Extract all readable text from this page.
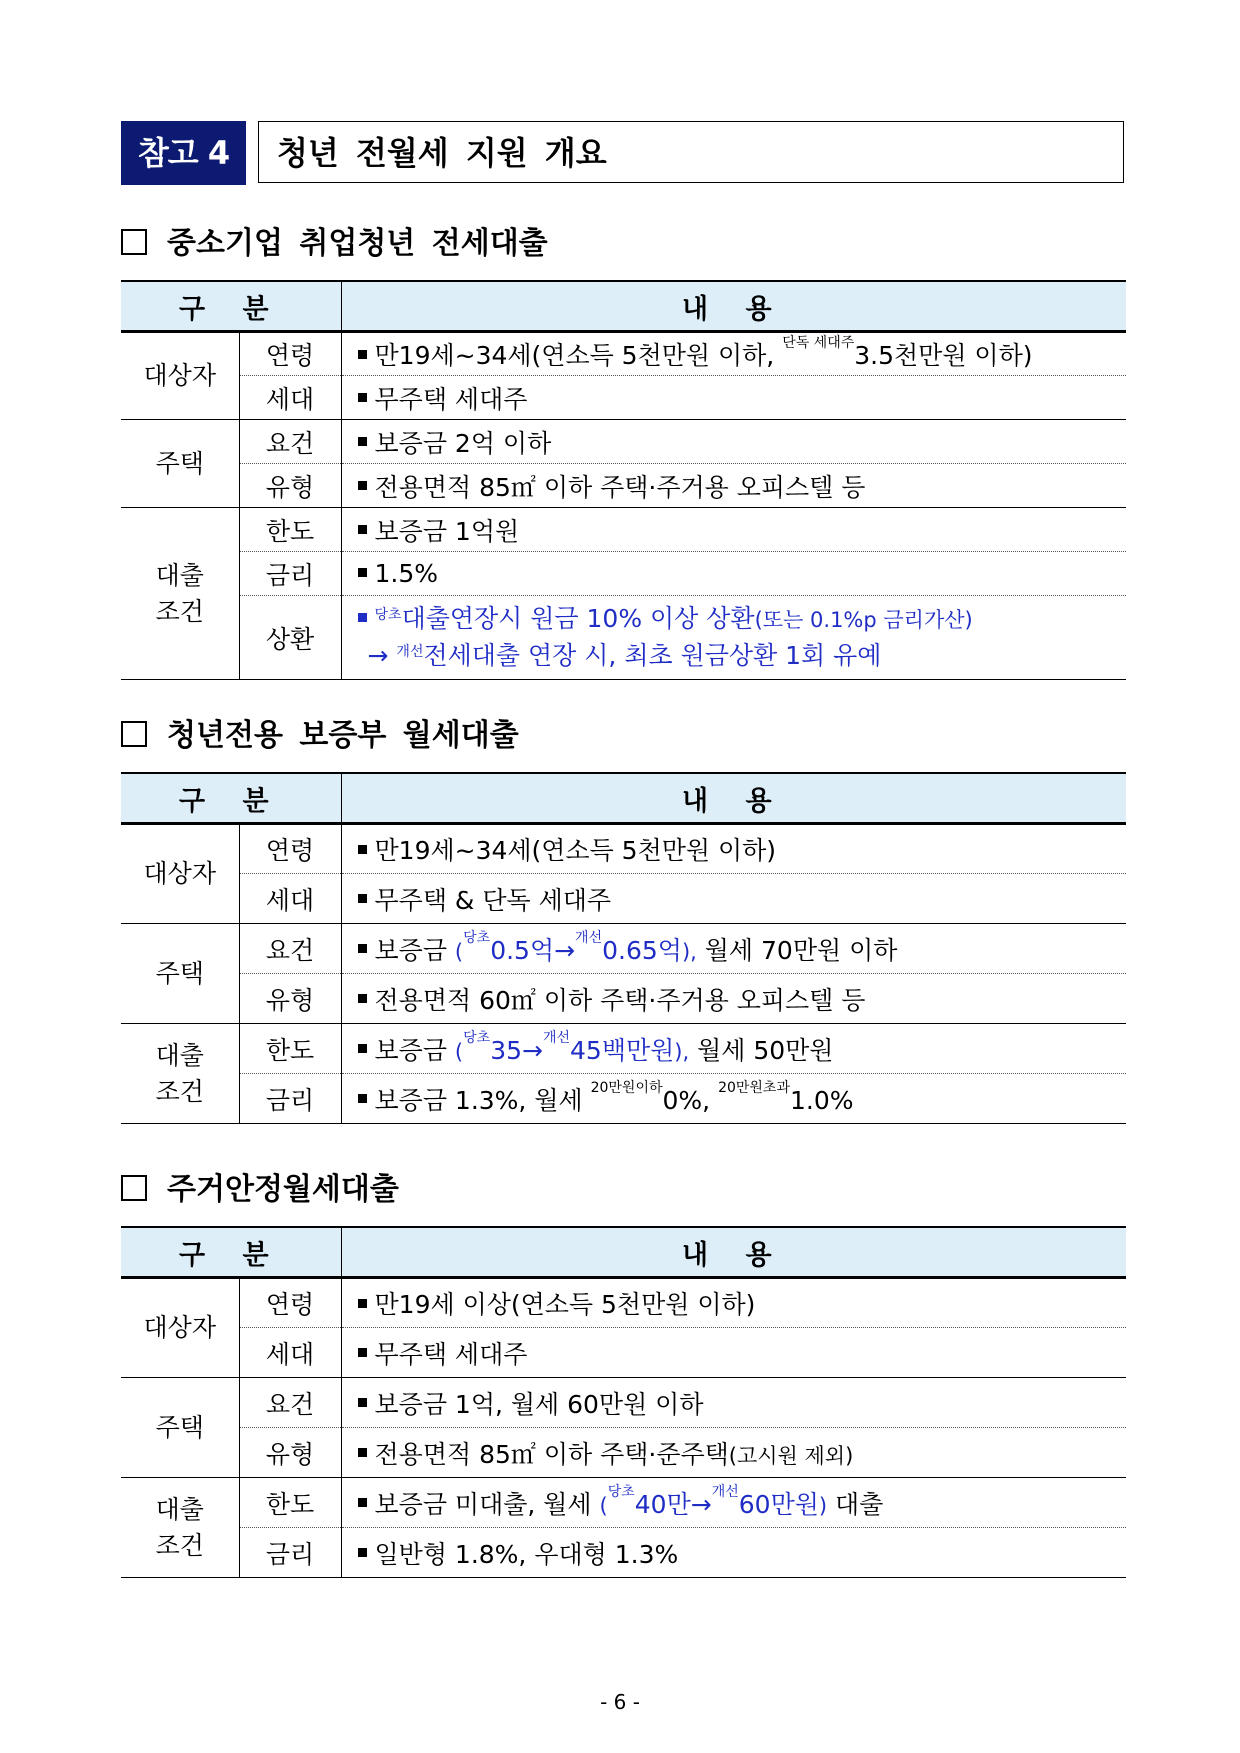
참고 4	청년 전월세 지원 개요
중소기업 취업청년 전세대출
구 분		내 용
대상자	연령	만19세~34세(연소득 5천만원 이하, $^{단독 세대주}$3.5천만원 이하)
	세대	무주택 세대주
주택	요건	보증금 2억 이하
	유형	전용면적 85㎡ 이하 주택·주거용 오피스텔 등
대출
조건	한도	보증금 1억원
	금리	1.5%
	상환	$^{당초}$대출연장시 원금 10% 이상 상환(또는 0.1%p 금리가산)
→ $^{개선}$전세대출 연장 시, 최초 원금상환 1회 유예
청년전용 보증부 월세대출
구 분		내 용
대상자	연령	만19세~34세(연소득 5천만원 이하)
	세대	무주택 & 단독 세대주
주택	요건	보증금 ($^{당초}$0.5억→$^{개선}$0.65억), 월세 70만원 이하
	유형	전용면적 60㎡ 이하 주택·주거용 오피스텔 등
대출
조건	한도	보증금 ($^{당초}$35→$^{개선}$45백만원), 월세 50만원
	금리	보증금 1.3%, 월세 $^{20만원이하}$0%, $^{20만원초과}$1.0%
주거안정월세대출
구 분		내 용
대상자	연령	만19세 이상(연소득 5천만원 이하)
	세대	무주택 세대주
주택	요건	보증금 1억, 월세 60만원 이하
	유형	전용면적 85㎡ 이하 주택·준주택(고시원 제외)
대출
조건	한도	보증금 미대출, 월세 ($^{당초}$40만→$^{개선}$60만원) 대출
	금리	일반형 1.8%, 우대형 1.3%
- 6 -
